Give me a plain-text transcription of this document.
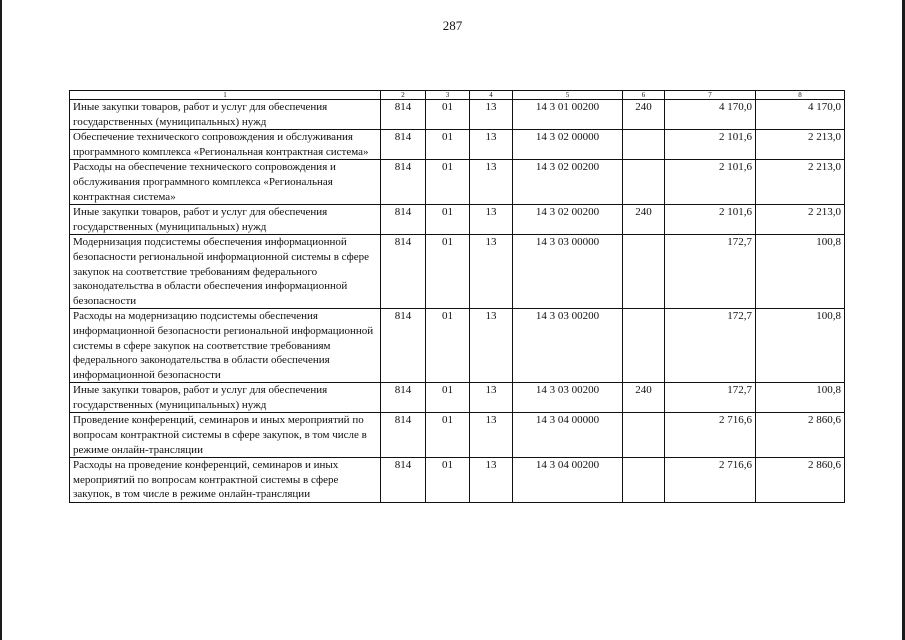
287
1	2	3	4	5	6	7	8
Иные закупки товаров, работ и услуг для обеспечения государственных (муниципальных) нужд	814	01	13	14 3 01 00200	240	4 170,0	4 170,0
Обеспечение технического сопровождения и обслуживания программного комплекса «Региональная контрактная система»	814	01	13	14 3 02 00000		2 101,6	2 213,0
Расходы на обеспечение технического сопровождения и обслуживания программного комплекса «Региональная контрактная система»	814	01	13	14 3 02 00200		2 101,6	2 213,0
Иные закупки товаров, работ и услуг для обеспечения государственных (муниципальных) нужд	814	01	13	14 3 02 00200	240	2 101,6	2 213,0
Модернизация подсистемы обеспечения информационной безопасности региональной информационной системы в сфере закупок на соответствие требованиям федерального законодательства в области обеспечения информационной безопасности	814	01	13	14 3 03 00000		172,7	100,8
Расходы на модернизацию подсистемы обеспечения информационной безопасности региональной информационной системы в сфере закупок на соответствие требованиям федерального законодательства в области обеспечения информационной безопасности	814	01	13	14 3 03 00200		172,7	100,8
Иные закупки товаров, работ и услуг для обеспечения государственных (муниципальных) нужд	814	01	13	14 3 03 00200	240	172,7	100,8
Проведение конференций, семинаров и иных мероприятий по вопросам контрактной системы в сфере закупок, в том числе в режиме онлайн-трансляции	814	01	13	14 3 04 00000		2 716,6	2 860,6
Расходы на проведение конференций, семинаров и иных мероприятий по вопросам контрактной системы в сфере закупок, в том числе в режиме онлайн-трансляции	814	01	13	14 3 04 00200		2 716,6	2 860,6
